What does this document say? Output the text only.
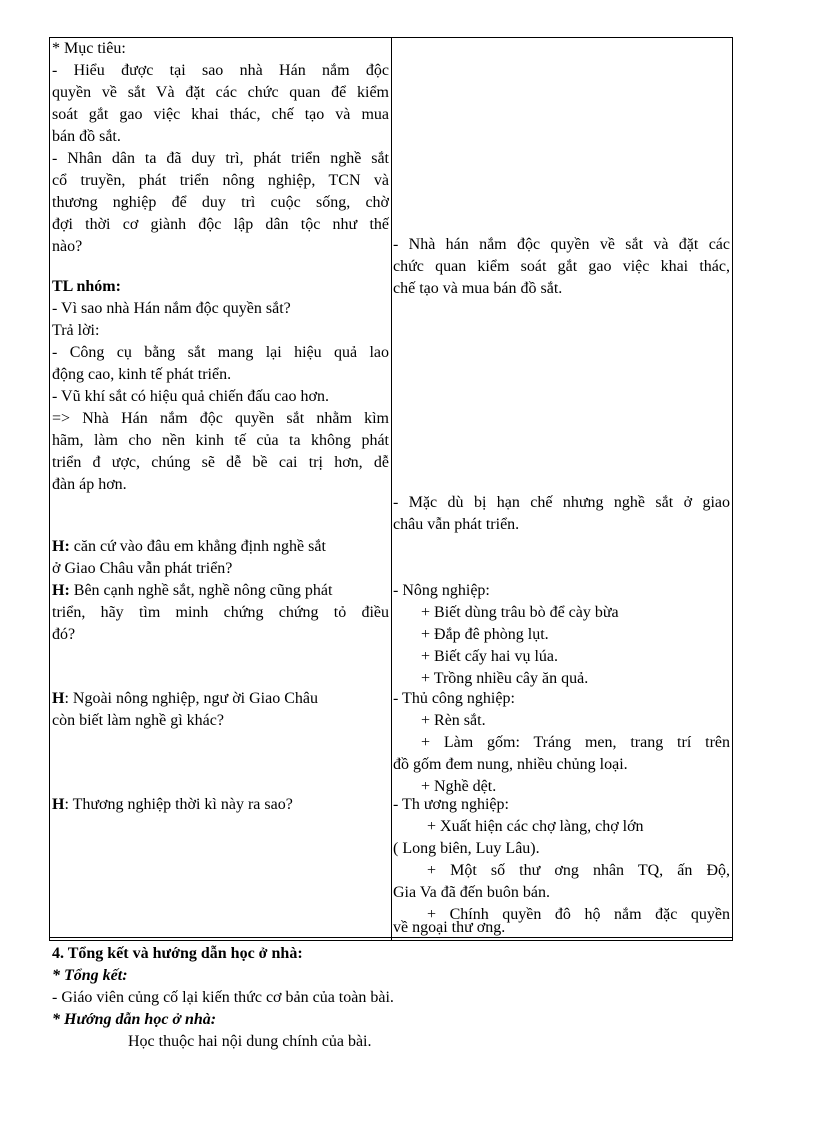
* Mục tiêu:
- Hiểu được tại sao nhà Hán nắm độc
quyền về sắt Và đặt các chức quan để kiểm
soát gắt gao việc khai thác, chế tạo và mua
bán đồ sắt.
- Nhân dân ta đã duy trì, phát triển nghề sắt
cổ truyền, phát triển nông nghiệp, TCN và
thương nghiệp để duy trì cuộc sống, chờ
đợi thời cơ giành độc lập dân tộc như thế
nào?
TL nhóm:
- Vì sao nhà Hán nắm độc quyền sắt?
Trả lời:
- Công cụ bằng sắt mang lại hiệu quả lao
động cao, kinh tế phát triển.
- Vũ khí sắt có hiệu quả chiến đấu cao hơn.
=> Nhà Hán nắm độc quyền sắt nhằm kìm
hãm, làm cho nền kinh tế của ta không phát
triển đ ược, chúng sẽ dễ bề cai trị hơn, dễ
đàn áp hơn.
H: căn cứ vào đâu em khẳng định nghề sắt
ở Giao Châu vẫn phát triển?
H: Bên cạnh nghề sắt, nghề nông cũng phát
triển, hãy tìm minh chứng chứng tỏ điều
đó?
H: Ngoài nông nghiệp, ngư ời Giao Châu
còn biết làm nghề gì khác?
H: Thương nghiệp thời kì này ra sao?
- Nhà hán nắm độc quyền về sắt và đặt các
chức quan kiểm soát gắt gao việc khai thác,
chế tạo và mua bán đồ sắt.
- Mặc dù bị hạn chế nhưng nghề sắt ở giao
châu vẫn phát triển.
- Nông nghiệp:
+ Biết dùng trâu bò để cày bừa
+ Đắp đê phòng lụt.
+ Biết cấy hai vụ lúa.
+ Trồng nhiều cây ăn quả.
- Thủ công nghiệp:
+ Rèn sắt.
+ Làm gốm: Tráng men, trang trí trên
đồ gốm đem nung, nhiều chủng loại.
+ Nghề dệt.
- Th ương nghiệp:
+ Xuất hiện các chợ làng, chợ lớn
( Long biên, Luy Lâu).
+ Một số thư ơng nhân TQ, ấn Độ,
Gia Va đã đến buôn bán.
+ Chính quyền đô hộ nắm đặc quyền
về ngoại thư ơng.
4. Tổng kết và hướng dẫn học ở nhà:
* Tổng kết:
- Giáo viên củng cố lại kiến thức cơ bản của toàn bài.
* Hướng dẫn học ở nhà:
Học thuộc hai nội dung chính của bài.
